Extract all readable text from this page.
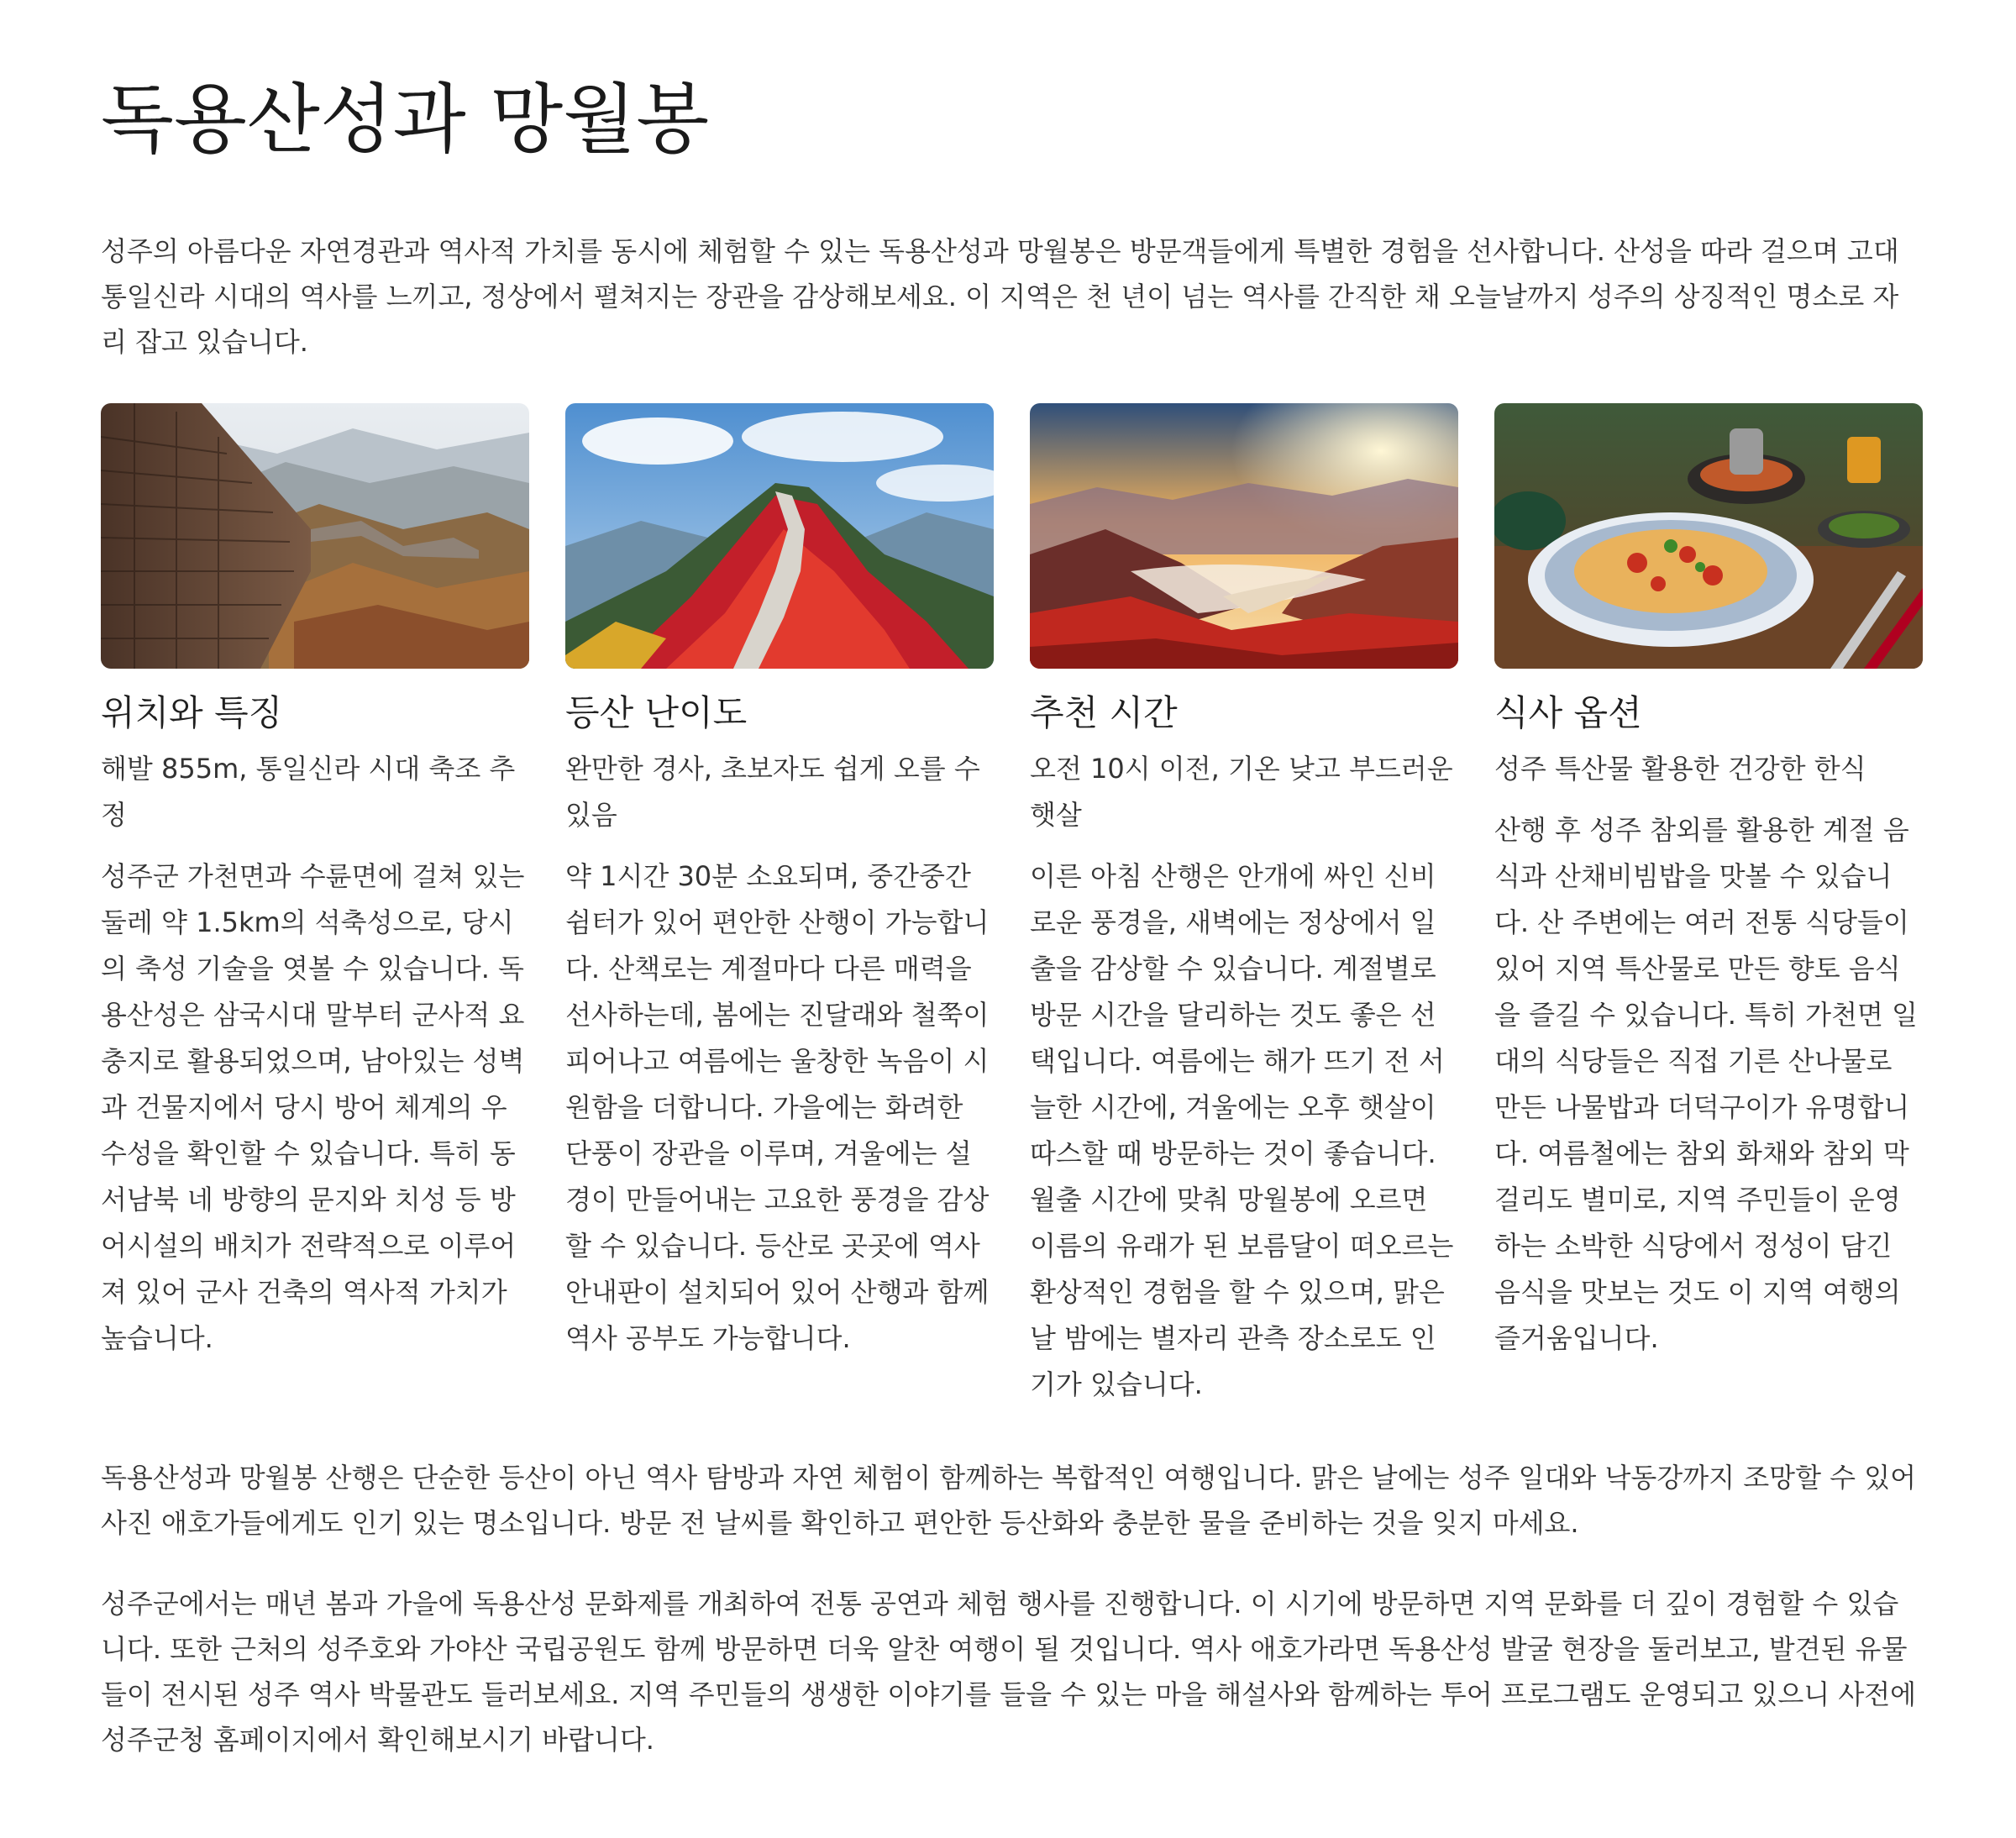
독용산성과 망월봉

성주의 아름다운 자연경관과 역사적 가치를 동시에 체험할 수 있는 독용산성과 망월봉은 방문객들에게 특별한 경험을 선사합니다. 산성을 따라 걸으며 고대 통일신라 시대의 역사를 느끼고, 정상에서 펼쳐지는 장관을 감상해보세요. 이 지역은 천 년이 넘는 역사를 간직한 채 오늘날까지 성주의 상징적인 명소로 자리 잡고 있습니다.

위치와 특징

해발 855m, 통일신라 시대 축조 추정

성주군 가천면과 수륜면에 걸쳐 있는 둘레 약 1.5km의 석축성으로, 당시의 축성 기술을 엿볼 수 있습니다. 독용산성은 삼국시대 말부터 군사적 요충지로 활용되었으며, 남아있는 성벽과 건물지에서 당시 방어 체계의 우수성을 확인할 수 있습니다. 특히 동서남북 네 방향의 문지와 치성 등 방어시설의 배치가 전략적으로 이루어져 있어 군사 건축의 역사적 가치가 높습니다.

등산 난이도

완만한 경사, 초보자도 쉽게 오를 수 있음

약 1시간 30분 소요되며, 중간중간 쉼터가 있어 편안한 산행이 가능합니다. 산책로는 계절마다 다른 매력을 선사하는데, 봄에는 진달래와 철쭉이 피어나고 여름에는 울창한 녹음이 시원함을 더합니다. 가을에는 화려한 단풍이 장관을 이루며, 겨울에는 설경이 만들어내는 고요한 풍경을 감상할 수 있습니다. 등산로 곳곳에 역사 안내판이 설치되어 있어 산행과 함께 역사 공부도 가능합니다.

추천 시간

오전 10시 이전, 기온 낮고 부드러운 햇살

이른 아침 산행은 안개에 싸인 신비로운 풍경을, 새벽에는 정상에서 일출을 감상할 수 있습니다. 계절별로 방문 시간을 달리하는 것도 좋은 선택입니다. 여름에는 해가 뜨기 전 서늘한 시간에, 겨울에는 오후 햇살이 따스할 때 방문하는 것이 좋습니다. 월출 시간에 맞춰 망월봉에 오르면 이름의 유래가 된 보름달이 떠오르는 환상적인 경험을 할 수 있으며, 맑은 날 밤에는 별자리 관측 장소로도 인기가 있습니다.

식사 옵션

성주 특산물 활용한 건강한 한식

산행 후 성주 참외를 활용한 계절 음식과 산채비빔밥을 맛볼 수 있습니다. 산 주변에는 여러 전통 식당들이 있어 지역 특산물로 만든 향토 음식을 즐길 수 있습니다. 특히 가천면 일대의 식당들은 직접 기른 산나물로 만든 나물밥과 더덕구이가 유명합니다. 여름철에는 참외 화채와 참외 막걸리도 별미로, 지역 주민들이 운영하는 소박한 식당에서 정성이 담긴 음식을 맛보는 것도 이 지역 여행의 즐거움입니다.

독용산성과 망월봉 산행은 단순한 등산이 아닌 역사 탐방과 자연 체험이 함께하는 복합적인 여행입니다. 맑은 날에는 성주 일대와 낙동강까지 조망할 수 있어 사진 애호가들에게도 인기 있는 명소입니다. 방문 전 날씨를 확인하고 편안한 등산화와 충분한 물을 준비하는 것을 잊지 마세요.

성주군에서는 매년 봄과 가을에 독용산성 문화제를 개최하여 전통 공연과 체험 행사를 진행합니다. 이 시기에 방문하면 지역 문화를 더 깊이 경험할 수 있습니다. 또한 근처의 성주호와 가야산 국립공원도 함께 방문하면 더욱 알찬 여행이 될 것입니다. 역사 애호가라면 독용산성 발굴 현장을 둘러보고, 발견된 유물들이 전시된 성주 역사 박물관도 들러보세요. 지역 주민들의 생생한 이야기를 들을 수 있는 마을 해설사와 함께하는 투어 프로그램도 운영되고 있으니 사전에 성주군청 홈페이지에서 확인해보시기 바랍니다.
